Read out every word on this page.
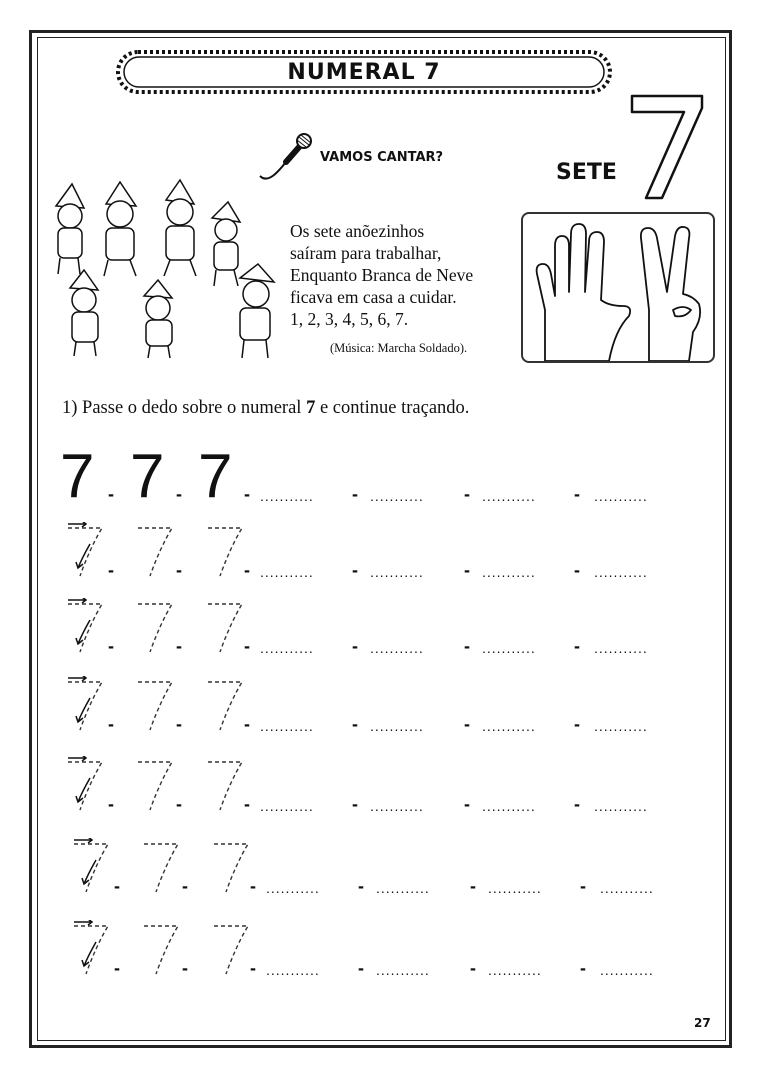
NUMERAL 7
VAMOS CANTAR?
SETE
Os sete anõezinhos
saíram para trabalhar,
Enquanto Branca de Neve
ficava em casa a cuidar.
1, 2, 3, 4, 5, 6, 7.
(Música: Marcha Soldado).
1) Passe o dedo sobre o numeral 7 e continue traçando.
7 7 7
-	-	-	-	-	-
...........	...........	...........	...........
-	-	-	-	-	-
...........	...........	...........	...........
-	-	-	-	-	-
...........	...........	...........	...........
-	-	-	-	-	-
...........	...........	...........	...........
-	-	-	-	-	-
...........	...........	...........	...........
-	-	-	-	-	-
...........	...........	...........	...........
-	-	-	-	-	-
...........	...........	...........	...........
27
